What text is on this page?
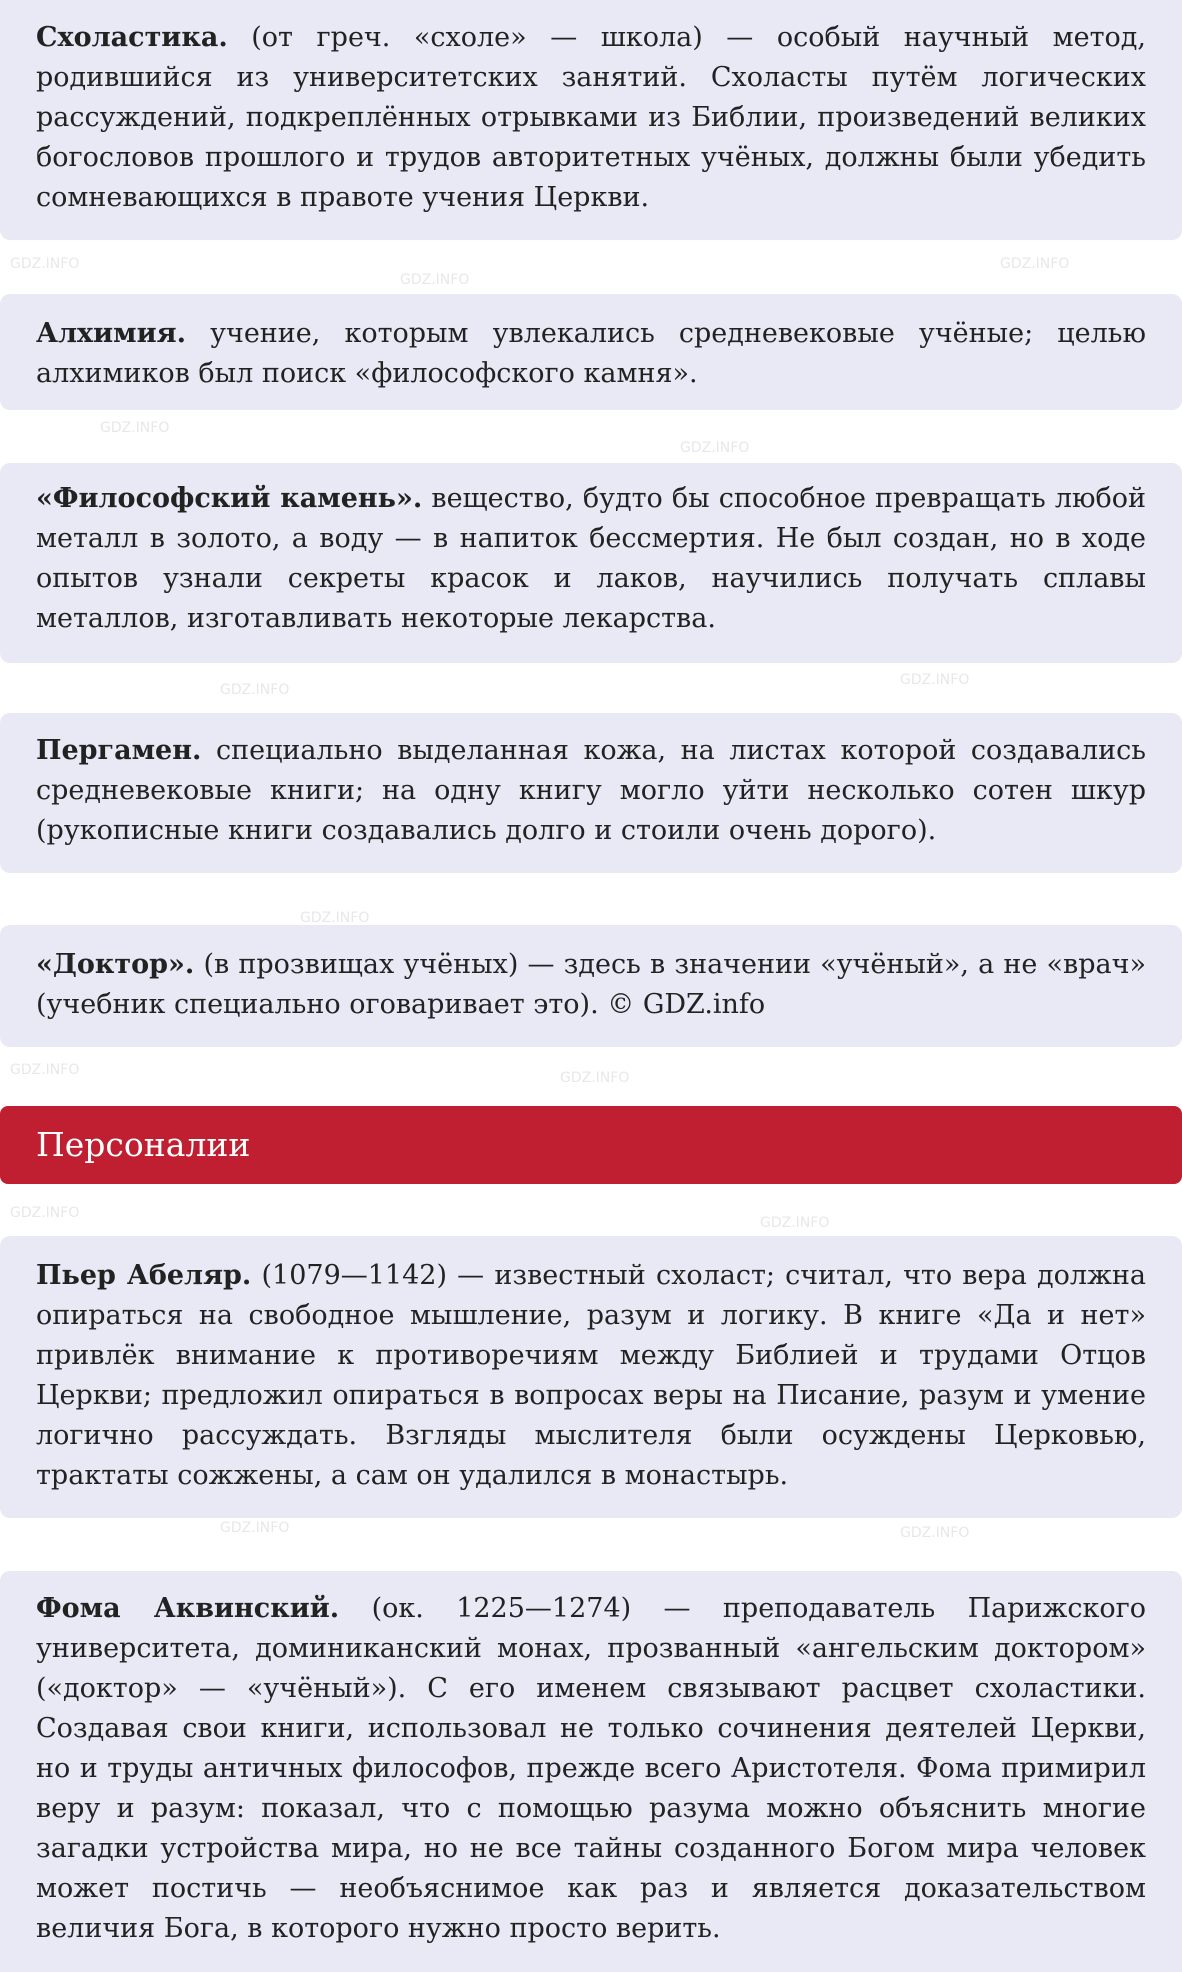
GDZ.INFO
GDZ.INFO
GDZ.INFO
GDZ.INFO
GDZ.INFO
GDZ.INFO
GDZ.INFO
GDZ.INFO
GDZ.INFO	GDZ.INFO
GDZ.INFO
GDZ.INFO
GDZ.INFO	GDZ.INFO
Схоластика. (от греч. «схоле» — школа) — особый научный метод, родившийся из университетских занятий. Схоласты путём логических рассуждений, подкреплённых отрывками из Библии, произведений великих богословов прошлого и трудов авторитетных учёных, должны были убедить сомневающихся в правоте учения Церкви.
Алхимия. учение, которым увлекались средневековые учёные; целью алхимиков был поиск «философского камня».
«Философский камень». вещество, будто бы способное превращать любой металл в золото, а воду — в напиток бессмертия. Не был создан, но в ходе опытов узнали секреты красок и лаков, научились получать сплавы металлов, изготавливать некоторые лекарства.
Пергамен. специально выделанная кожа, на листах которой создавались средневековые книги; на одну книгу могло уйти несколько сотен шкур (рукописные книги создавались долго и стоили очень дорого).
«Доктор». (в прозвищах учёных) — здесь в значении «учёный», а не «врач» (учебник специально оговаривает это). © GDZ.info
Персоналии
Пьер Абеляр. (1079—1142) — известный схоласт; считал, что вера должна опираться на свободное мышление, разум и логику. В книге «Да и нет» привлёк внимание к противоречиям между Библией и трудами Отцов Церкви; предложил опираться в вопросах веры на Писание, разум и умение логично рассуждать. Взгляды мыслителя были осуждены Церковью, трактаты сожжены, а сам он удалился в монастырь.
Фома Аквинский. (ок. 1225—1274) — преподаватель Парижского университета, доминиканский монах, прозванный «ангельским доктором» («доктор» — «учёный»). С его именем связывают расцвет схоластики. Создавая свои книги, использовал не только сочинения деятелей Церкви, но и труды античных философов, прежде всего Аристотеля. Фома примирил веру и разум: показал, что с помощью разума можно объяснить многие загадки устройства мира, но не все тайны созданного Богом мира человек может постичь — необъяснимое как раз и является доказательством величия Бога, в которого нужно просто верить.
